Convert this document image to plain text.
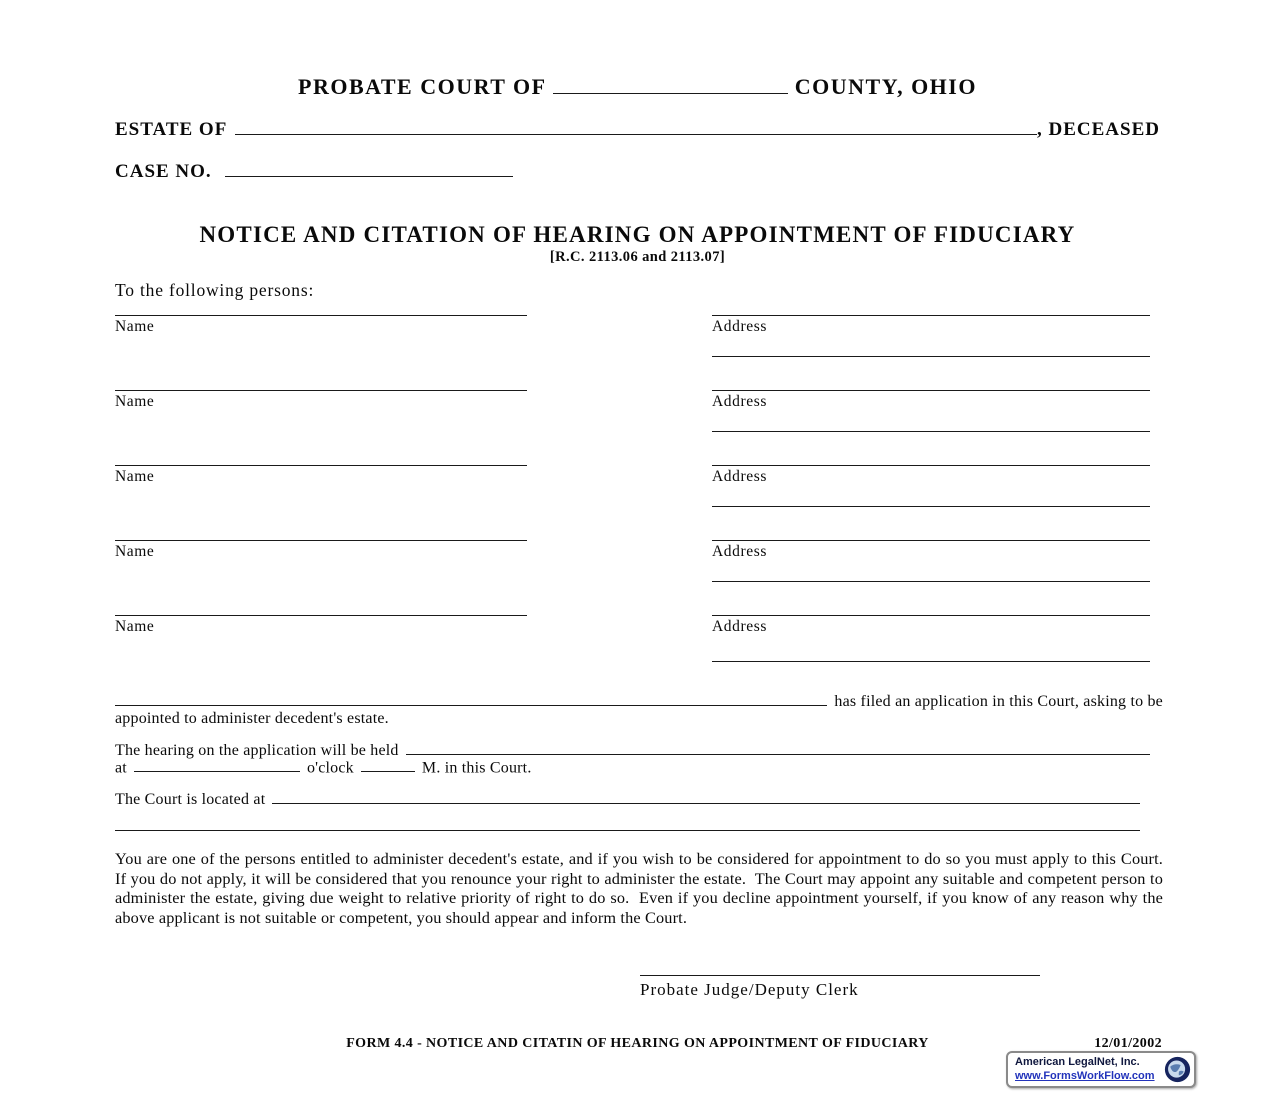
PROBATE COURT OF	COUNTY, OHIO
ESTATE OF	, DECEASED
CASE NO.
NOTICE AND CITATION OF HEARING ON APPOINTMENT OF FIDUCIARY
[R.C. 2113.06 and 2113.07]
To the following persons:
Name	Address
Name	Address
Name	Address
Name	Address
Name	Address
has filed an application in this Court, asking to be
appointed to administer decedent's estate.
The hearing on the application will be held
at	o'clock	M. in this Court.
The Court is located at
You are one of the persons entitled to administer decedent's estate, and if you wish to be considered for appointment to do so you must apply to this Court.  If you do not apply, it will be considered that you renounce your right to administer the estate.  The Court may appoint any suitable and competent person to administer the estate, giving due weight to relative priority of right to do so.  Even if you decline appointment yourself, if you know of any reason why the above applicant is not suitable or competent, you should appear and inform the Court.
Probate Judge/Deputy Clerk
FORM 4.4 - NOTICE AND CITATIN OF HEARING ON APPOINTMENT OF FIDUCIARY	12/01/2002
American LegalNet, Inc.
www.FormsWorkFlow.com
